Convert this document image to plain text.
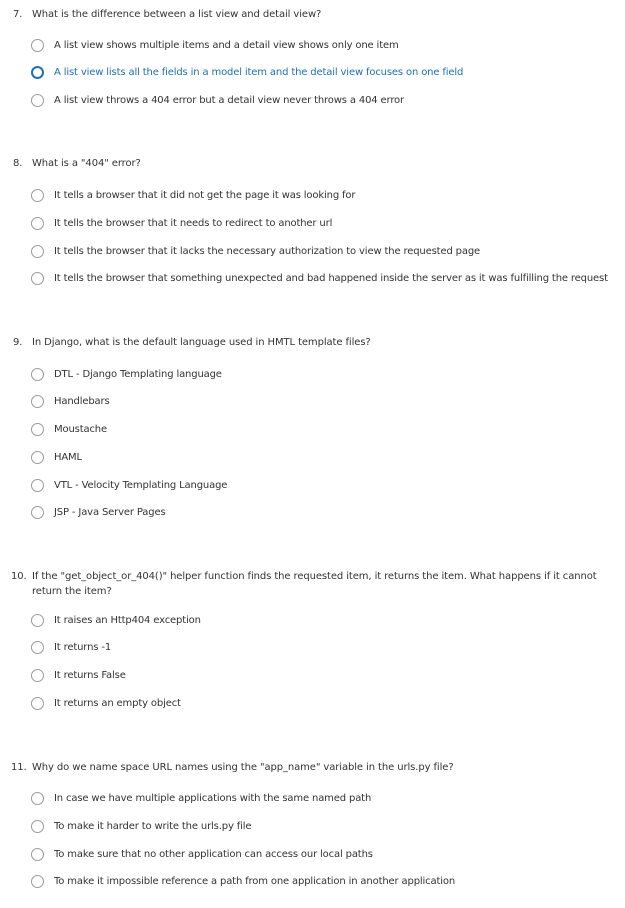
7. What is the difference between a list view and detail view?
A list view shows multiple items and a detail view shows only one item
A list view lists all the fields in a model item and the detail view focuses on one field
A list view throws a 404 error but a detail view never throws a 404 error
8. What is a "404" error?
It tells a browser that it did not get the page it was looking for
It tells the browser that it needs to redirect to another url
It tells the browser that it lacks the necessary authorization to view the requested page
It tells the browser that something unexpected and bad happened inside the server as it was fulfilling the request
9. In Django, what is the default language used in HMTL template files?
DTL - Django Templating language
Handlebars
Moustache
HAML
VTL - Velocity Templating Language
JSP - Java Server Pages
10. If the "get_object_or_404()" helper function finds the requested item, it returns the item. What happens if it cannot return the item?
It raises an Http404 exception
It returns -1
It returns False
It returns an empty object
11. Why do we name space URL names using the "app_name" variable in the urls.py file?
In case we have multiple applications with the same named path
To make it harder to write the urls.py file
To make sure that no other application can access our local paths
To make it impossible reference a path from one application in another application
